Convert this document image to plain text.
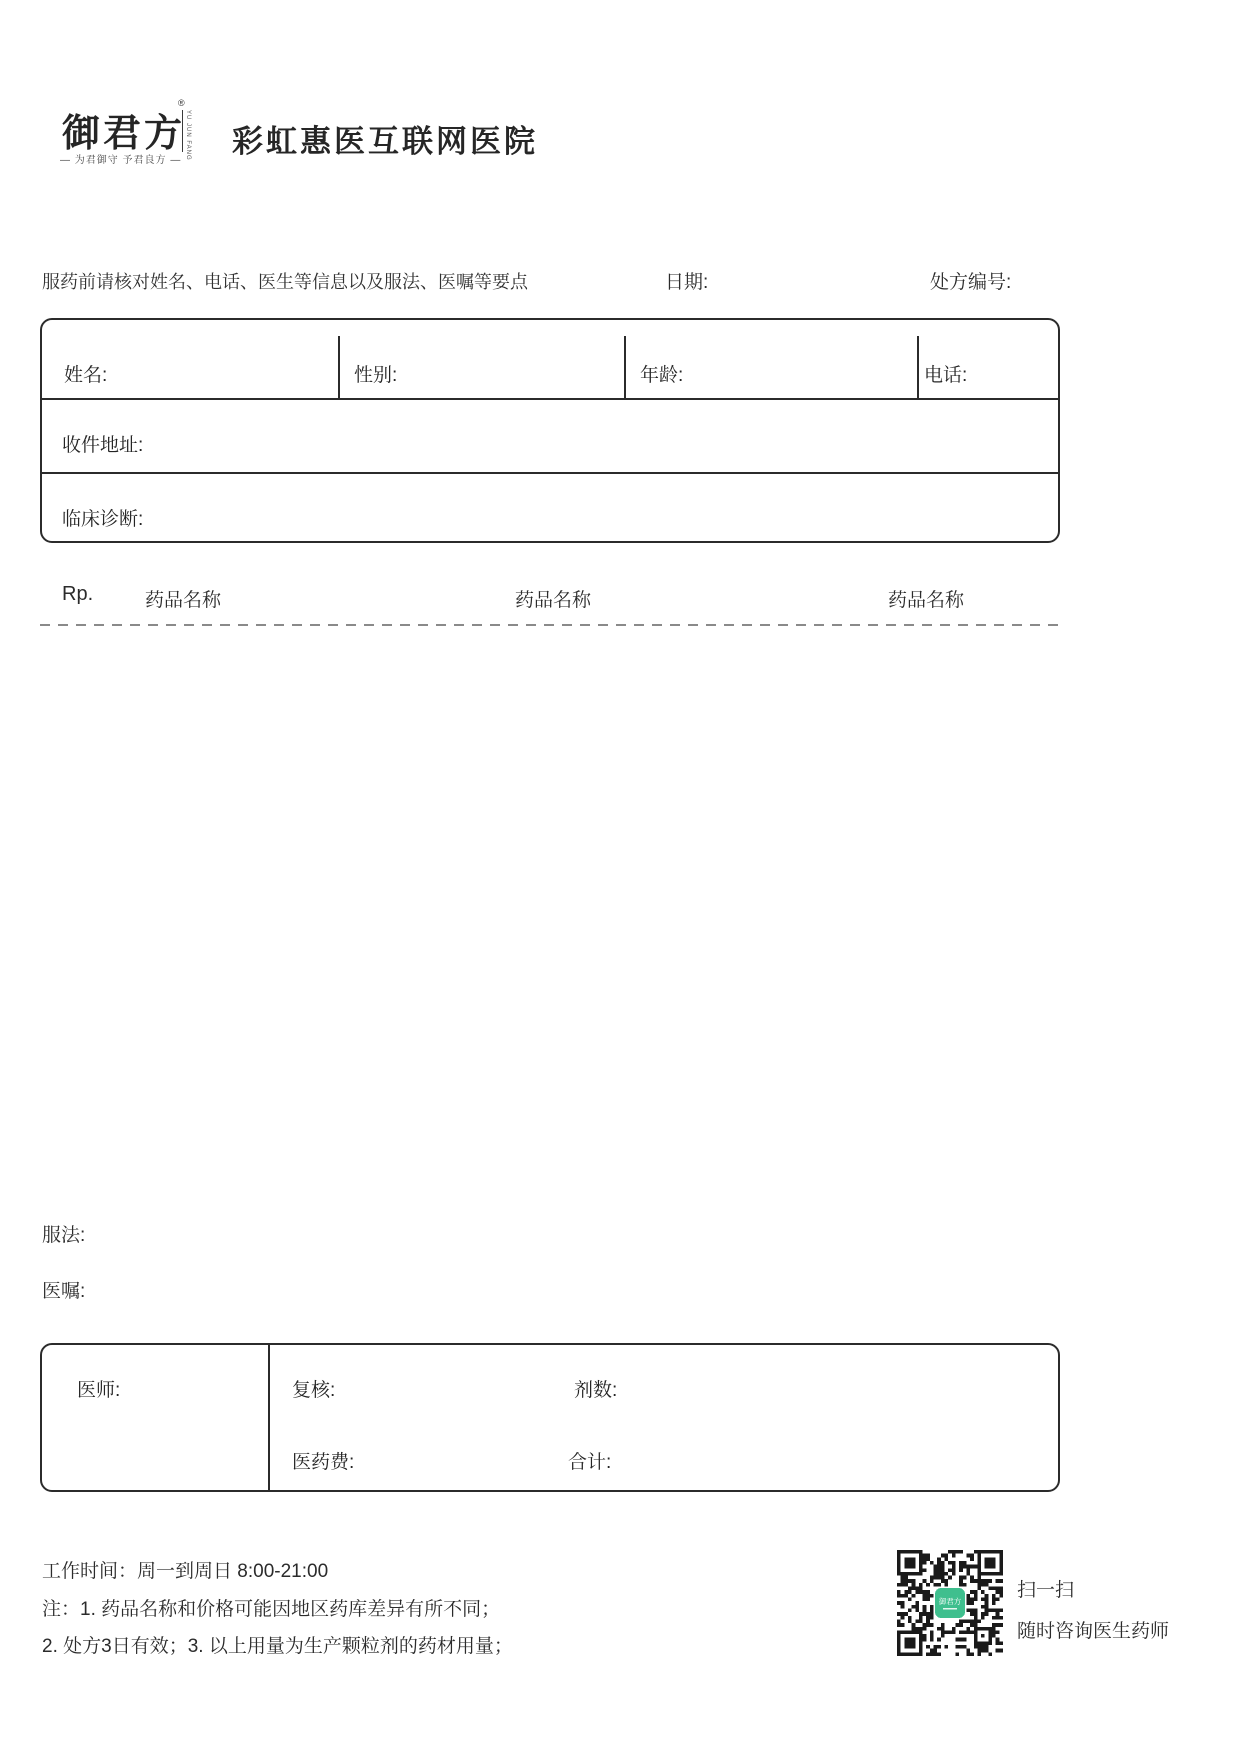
御君方
®
YU JUN FANG
— 为君御守 予君良方 —
彩虹惠医互联网医院
服药前请核对姓名、电话、医生等信息以及服法、医嘱等要点	日期:	处方编号:
姓名:	性别:	年龄:	电话:
收件地址:
临床诊断:
Rp.	药品名称	药品名称	药品名称
服法:
医嘱:
医师:	复核:	剂数:
医药费:	合计:
工作时间：周一到周日 8:00-21:00
注：1. 药品名称和价格可能因地区药库差异有所不同；
2. 处方3日有效；3. 以上用量为生产颗粒剂的药材用量；
御君方
扫一扫
随时咨询医生药师
